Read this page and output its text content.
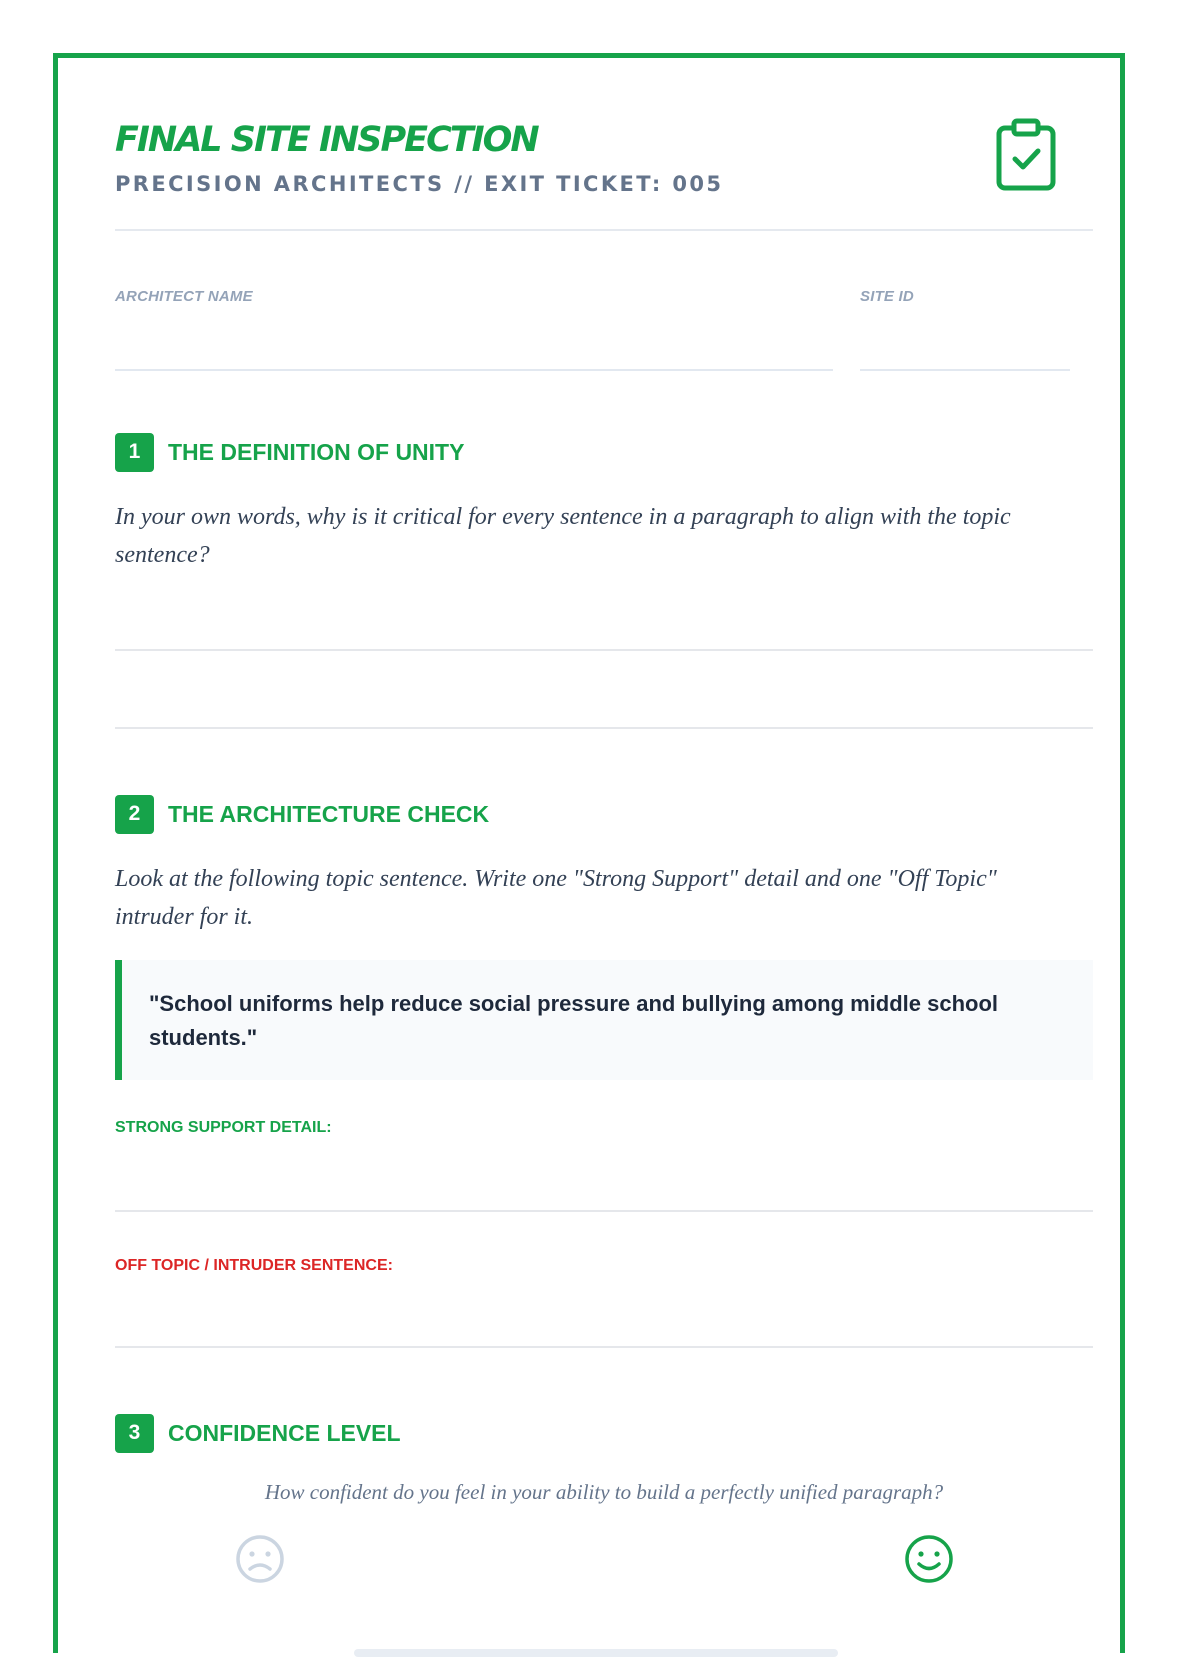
FINAL SITE INSPECTION
PRECISION ARCHITECTS // EXIT TICKET: 005
ARCHITECT NAME	SITE ID
1	THE DEFINITION OF UNITY

In your own words, why is it critical for every sentence in a paragraph to align with the topic sentence?

2	THE ARCHITECTURE CHECK

Look at the following topic sentence. Write one "Strong Support" detail and one "Off Topic" intruder for it.

"School uniforms help reduce social pressure and bullying among middle school students."
STRONG SUPPORT DETAIL:
OFF TOPIC / INTRUDER SENTENCE:
3	CONFIDENCE LEVEL
How confident do you feel in your ability to build a perfectly unified paragraph?
